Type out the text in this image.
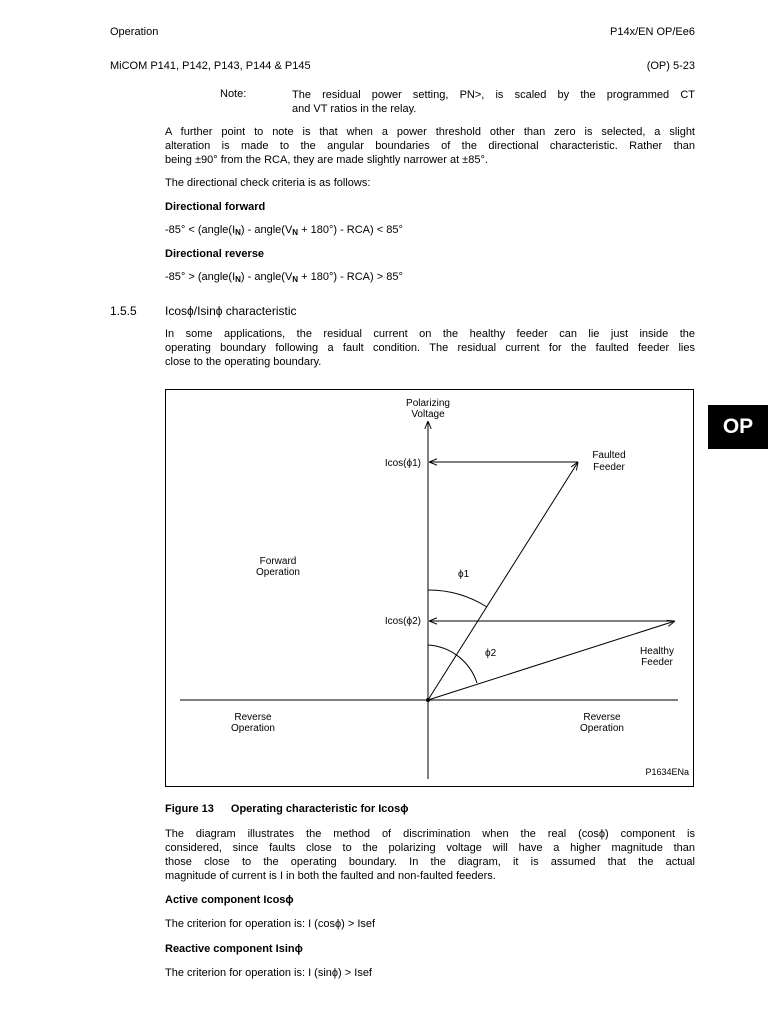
Operation	P14x/EN OP/Ee6
MiCOM P141, P142, P143, P144 & P145	(OP) 5-23
Note:	The residual power setting, PN>, is scaled by the programmed CT
and VT ratios in the relay.
A further point to note is that when a power threshold other than zero is selected, a slight
alteration is made to the angular boundaries of the directional characteristic. Rather than
being ±90° from the RCA, they are made slightly narrower at ±85°.
The directional check criteria is as follows:
Directional forward
$-85^\circ < (angle(I_N)$ - $angle(V_N + 180^\circ) - RCA) < 85^\circ$
Directional reverse
$-85^\circ > (angle(I_N)$ - $angle(V_N + 180^\circ) - RCA) > 85^\circ$
1.5.5 Icosϕ/Isinϕ characteristic
In some applications, the residual current on the healthy feeder can lie just inside the
operating boundary following a fault condition. The residual current for the faulted feeder lies
close to the operating boundary.
OP
Polarizing
Voltage
Icos(ϕ1)
Icos(ϕ2)
Faulted
Feeder
Forward
Operation	ϕ1
ϕ2	Healthy
Feeder
Reverse
Operation
Reverse
Operation
P1634ENa
Figure 13 Operating characteristic for Icosϕ
The diagram illustrates the method of discrimination when the real (cosϕ) component is
considered, since faults close to the polarizing voltage will have a higher magnitude than
those close to the operating boundary. In the diagram, it is assumed that the actual
magnitude of current is I in both the faulted and non-faulted feeders.
Active component Icosϕ
The criterion for operation is: I (cosϕ) > Isef
Reactive component Isinϕ
The criterion for operation is: I (sinϕ) > Isef
